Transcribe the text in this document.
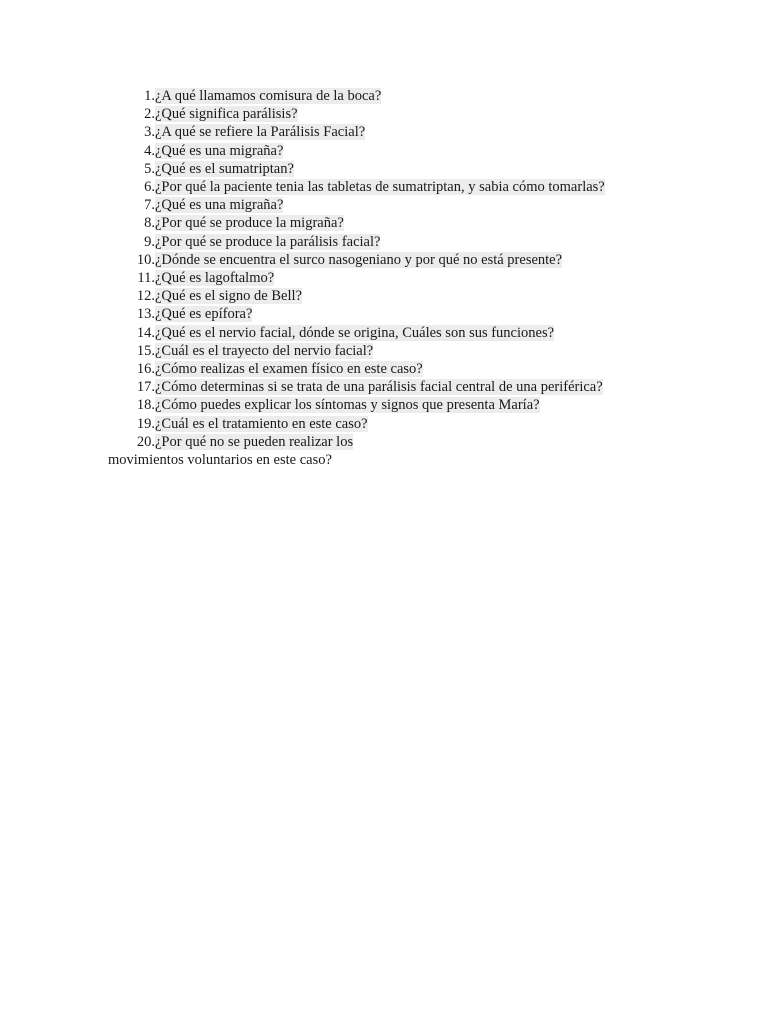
1. ¿A qué llamamos comisura de la boca?
2. ¿Qué significa parálisis?
3. ¿A qué se refiere la Parálisis Facial?
4. ¿Qué es una migraña?
5. ¿Qué es el sumatriptan?
6. ¿Por qué la paciente tenia las tabletas de sumatriptan, y sabia cómo tomarlas?
7. ¿Qué es una migraña?
8. ¿Por qué se produce la migraña?
9. ¿Por qué se produce la parálisis facial?
10. ¿Dónde se encuentra el surco nasogeniano y por qué no está presente?
11. ¿Qué es lagoftalmo?
12. ¿Qué es el signo de Bell?
13. ¿Qué es epífora?
14. ¿Qué es el nervio facial, dónde se origina, Cuáles son sus funciones?
15. ¿Cuál es el trayecto del nervio facial?
16. ¿Cómo realizas el examen físico en este caso?
17. ¿Cómo determinas si se trata de una parálisis facial central de una periférica?
18. ¿Cómo puedes explicar los síntomas y signos que presenta María?
19. ¿Cuál es el tratamiento en este caso?
20. ¿Por qué no se pueden realizar los
movimientos voluntarios en este caso?
